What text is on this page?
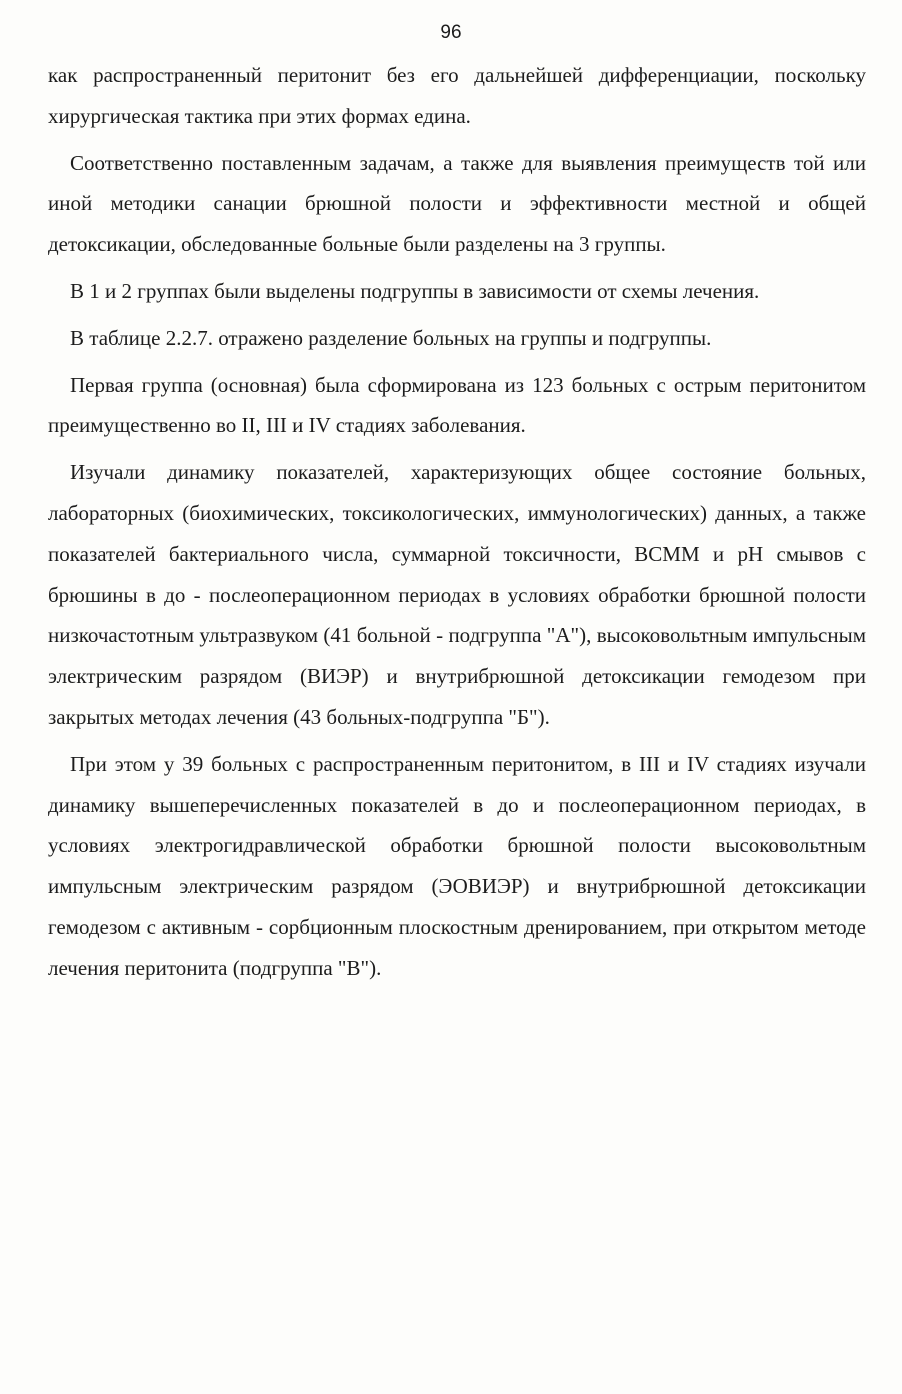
96

как распространенный перитонит без его дальнейшей дифференциации, поскольку хирургическая тактика при этих формах едина.

Соответственно поставленным задачам, а также для выявления преимуществ той или иной методики санации брюшной полости и эффективности местной и общей детоксикации, обследованные больные были разделены на 3 группы.

В 1 и 2 группах были выделены подгруппы в зависимости от схемы лечения.

В таблице 2.2.7. отражено разделение больных на группы и подгруппы.

Первая группа (основная) была сформирована из 123 больных с острым перитонитом преимущественно во II, III и IV стадиях заболевания.

Изучали динамику показателей, характеризующих общее состояние больных, лабораторных (биохимических, токсикологических, иммунологических) данных, а также показателей бактериального числа, суммарной токсичности, ВСММ и pH смывов с брюшины в до - послеоперационном периодах в условиях обработки брюшной полости низкочастотным ультразвуком (41 больной - подгруппа "А"), высоковольтным импульсным электрическим разрядом (ВИЭР) и внутрибрюшной детоксикации гемодезом при закрытых методах лечения (43 больных-подгруппа "Б").

При этом у 39 больных с распространенным перитонитом, в III и IV стадиях изучали динамику вышеперечисленных показателей в до и послеоперационном периодах, в условиях электрогидравлической обработки брюшной полости высоковольтным импульсным электрическим разрядом (ЭОВИЭР) и внутрибрюшной детоксикации гемодезом с активным - сорбционным плоскостным дренированием, при открытом методе лечения перитонита (подгруппа "В").
